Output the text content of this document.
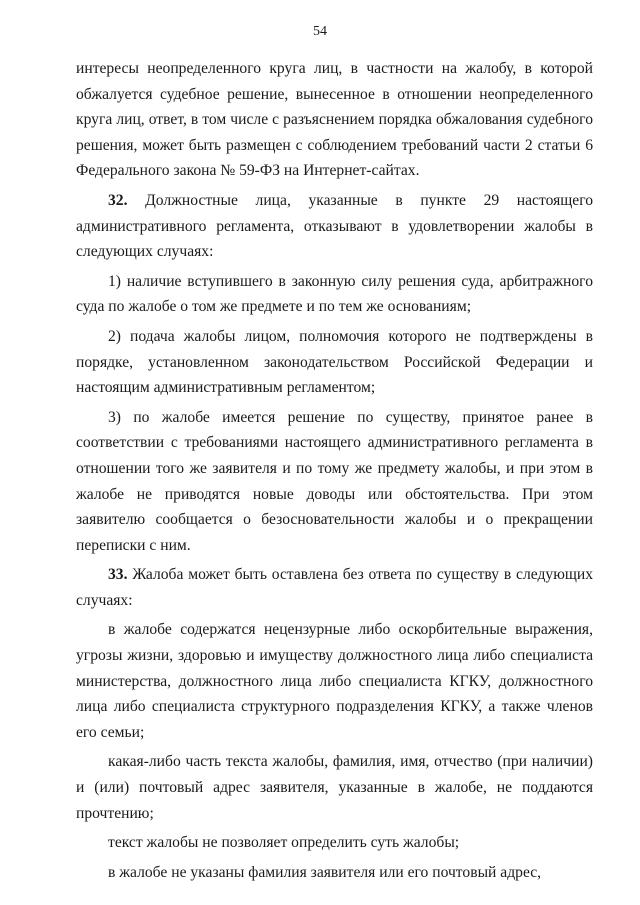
54

интересы неопределенного круга лиц, в частности на жалобу, в которой обжалуется судебное решение, вынесенное в отношении неопределенного круга лиц, ответ, в том числе с разъяснением порядка обжалования судебного решения, может быть размещен с соблюдением требований части 2 статьи 6 Федерального закона № 59-ФЗ на Интернет-сайтах.

32. Должностные лица, указанные в пункте 29 настоящего административного регламента, отказывают в удовлетворении жалобы в следующих случаях:

1) наличие вступившего в законную силу решения суда, арбитражного суда по жалобе о том же предмете и по тем же основаниям;

2) подача жалобы лицом, полномочия которого не подтверждены в порядке, установленном законодательством Российской Федерации и настоящим административным регламентом;

3) по жалобе имеется решение по существу, принятое ранее в соответствии с требованиями настоящего административного регламента в отношении того же заявителя и по тому же предмету жалобы, и при этом в жалобе не приводятся новые доводы или обстоятельства. При этом заявителю сообщается о безосновательности жалобы и о прекращении переписки с ним.

33. Жалоба может быть оставлена без ответа по существу в следующих случаях:

в жалобе содержатся нецензурные либо оскорбительные выражения, угрозы жизни, здоровью и имуществу должностного лица либо специалиста министерства, должностного лица либо специалиста КГКУ, должностного лица либо специалиста структурного подразделения КГКУ, а также членов его семьи;

какая-либо часть текста жалобы, фамилия, имя, отчество (при наличии) и (или) почтовый адрес заявителя, указанные в жалобе, не поддаются прочтению;

текст жалобы не позволяет определить суть жалобы;

в жалобе не указаны фамилия заявителя или его почтовый адрес,
